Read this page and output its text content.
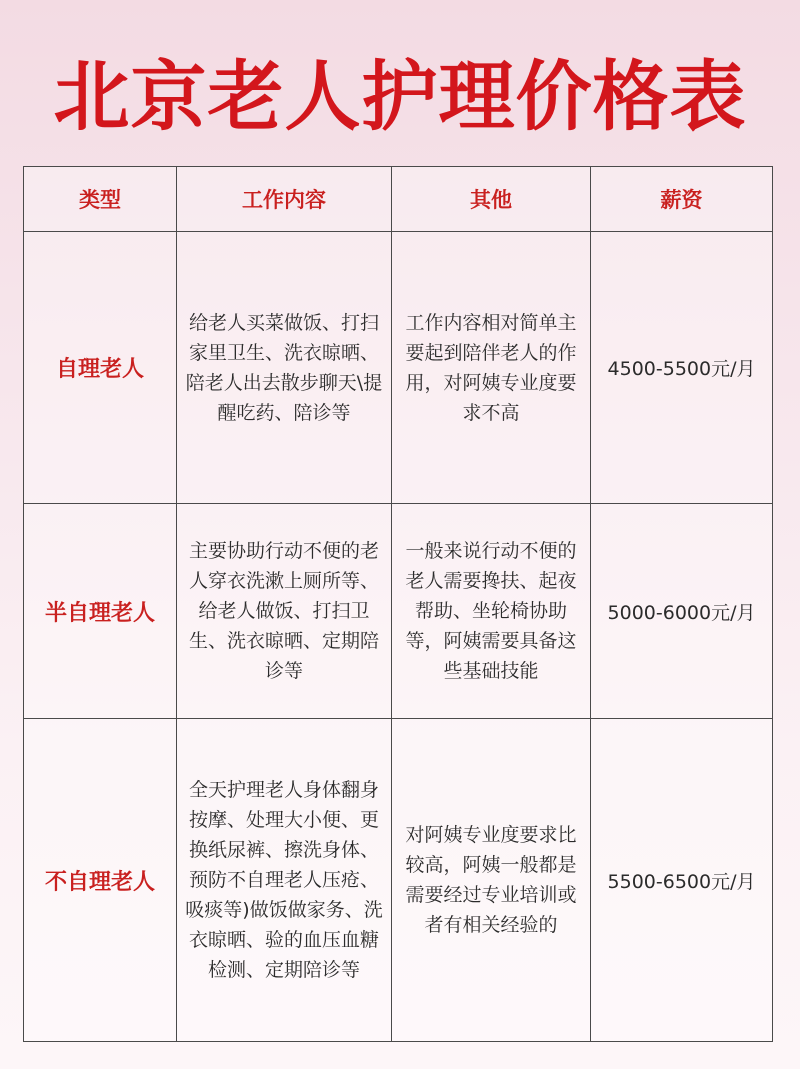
北京老人护理价格表
类型	工作内容	其他	薪资
自理老人	给老人买菜做饭、打扫家里卫生、洗衣晾晒、陪老人出去散步聊天\提醒吃药、陪诊等	工作内容相对简单主要起到陪伴老人的作用，对阿姨专业度要求不高	4500-5500元/月
半自理老人	主要协助行动不便的老人穿衣洗漱上厕所等、给老人做饭、打扫卫生、洗衣晾晒、定期陪诊等	一般来说行动不便的老人需要搀扶、起夜帮助、坐轮椅协助等，阿姨需要具备这些基础技能	5000-6000元/月
不自理老人	全天护理老人身体翻身按摩、处理大小便、更换纸尿裤、擦洗身体、预防不自理老人压疮、吸痰等)做饭做家务、洗衣晾晒、验的血压血糖检测、定期陪诊等	对阿姨专业度要求比较高，阿姨一般都是需要经过专业培训或者有相关经验的	5500-6500元/月
